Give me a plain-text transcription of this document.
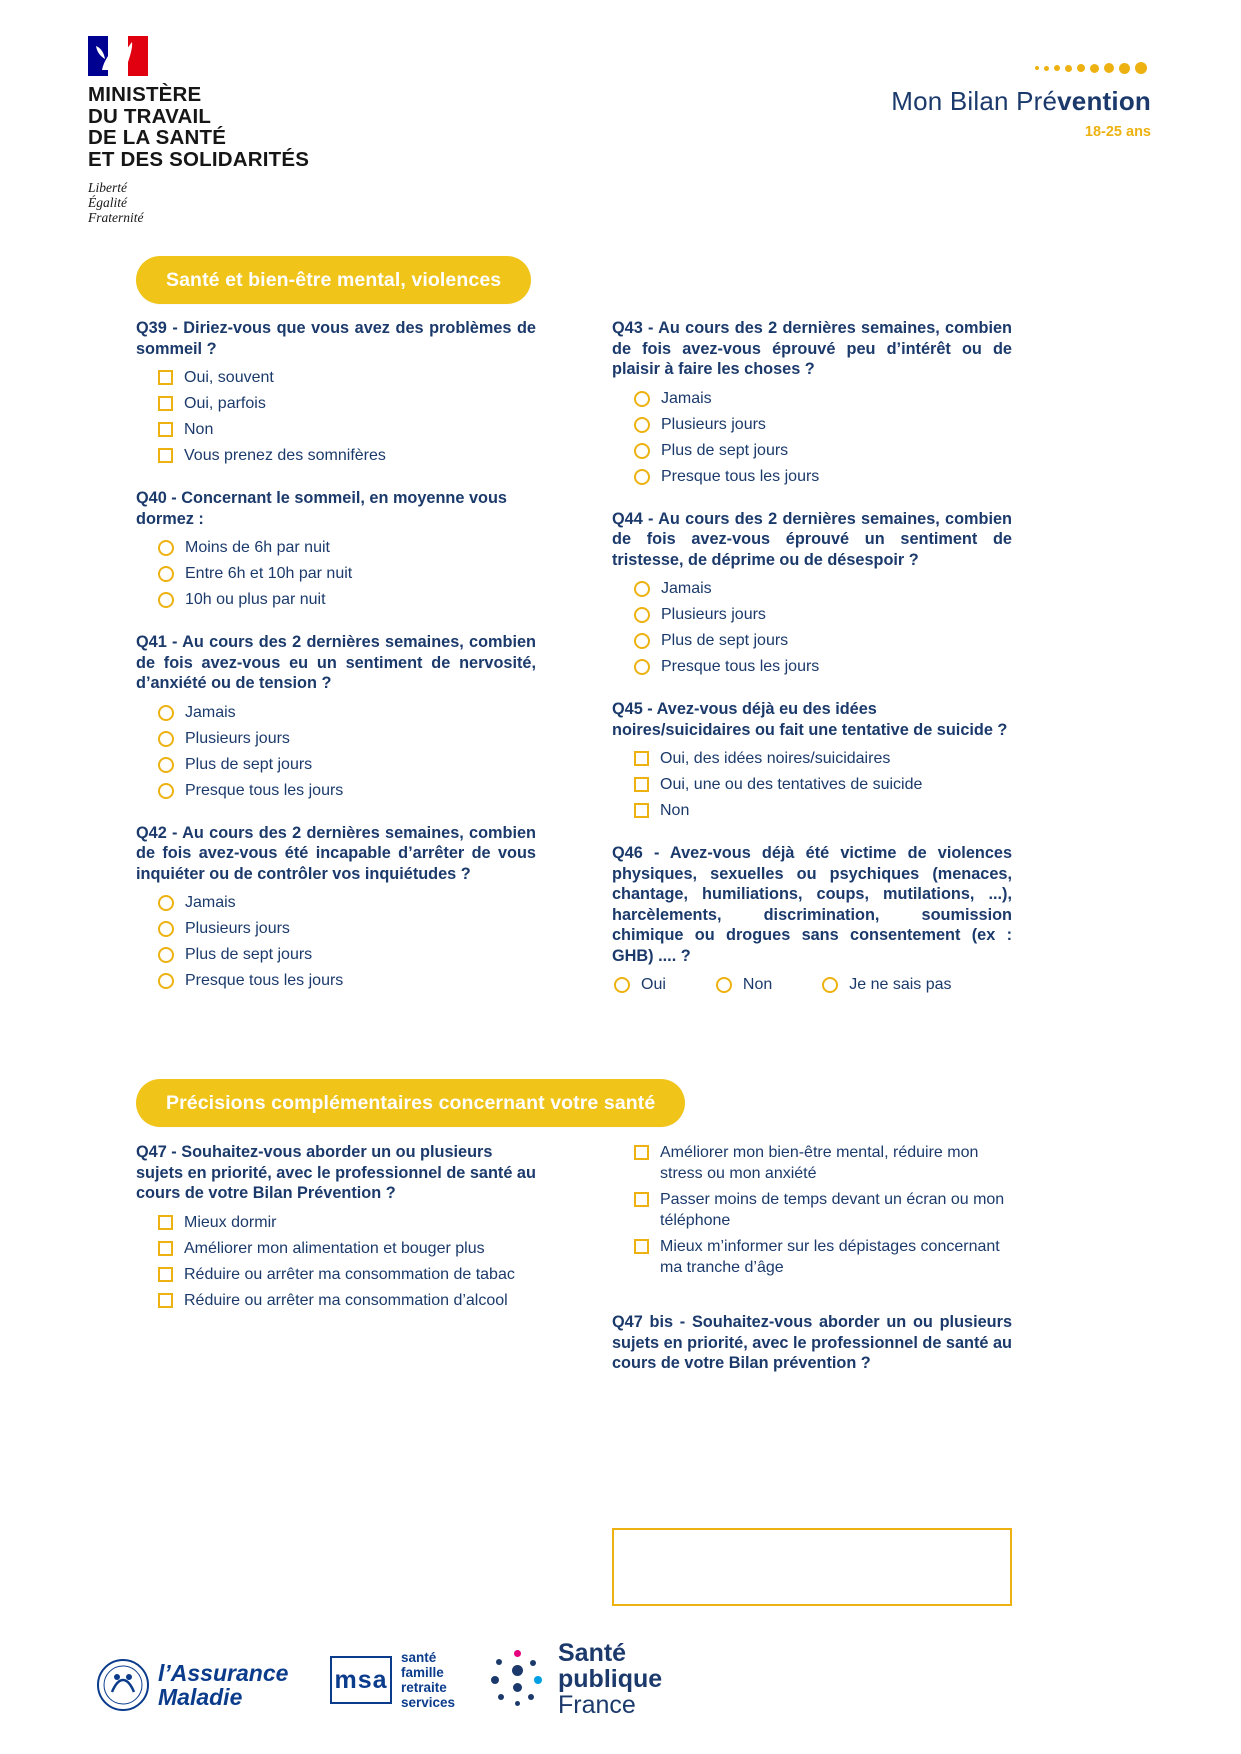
MINISTÈRE
DU TRAVAIL
DE LA SANTÉ
ET DES SOLIDARITÉS
Liberté
Égalité
Fraternité
Mon Bilan Prévention
18-25 ans
Santé et bien-être mental, violences

Q39 - Diriez-vous que vous avez des problèmes de sommeil ?

Oui, souvent
Oui, parfois
Non
Vous prenez des somnifères

Q40 - Concernant le sommeil, en moyenne vous dormez :

Moins de 6h par nuit
Entre 6h et 10h par nuit
10h ou plus par nuit

Q41 - Au cours des 2 dernières semaines, combien de fois avez-vous eu un sentiment de nervosité, d’anxiété ou de tension ?

Jamais
Plusieurs jours
Plus de sept jours
Presque tous les jours

Q42 - Au cours des 2 dernières semaines, combien de fois avez-vous été incapable d’arrêter de vous inquiéter ou de contrôler vos inquiétudes ?

Jamais
Plusieurs jours
Plus de sept jours
Presque tous les jours

Q43 - Au cours des 2 dernières semaines, combien de fois avez-vous éprouvé peu d’intérêt ou de plaisir à faire les choses ?

Jamais
Plusieurs jours
Plus de sept jours
Presque tous les jours

Q44 - Au cours des 2 dernières semaines, combien de fois avez-vous éprouvé un sentiment de tristesse, de déprime ou de désespoir ?

Jamais
Plusieurs jours
Plus de sept jours
Presque tous les jours

Q45 - Avez-vous déjà eu des idées noires/suicidaires ou fait une tentative de suicide ?

Oui, des idées noires/suicidaires
Oui, une ou des tentatives de suicide
Non

Q46 - Avez-vous déjà été victime de violences physiques, sexuelles ou psychiques (menaces, chantage, humiliations, coups, mutilations, ...), harcèlements, discrimination, soumission chimique ou drogues sans consentement (ex : GHB) .... ?

Oui	Non	Je ne sais pas
Précisions complémentaires concernant votre santé

Q47 - Souhaitez-vous aborder un ou plusieurs sujets en priorité, avec le professionnel de santé au cours de votre Bilan Prévention ?

Mieux dormir
Améliorer mon alimentation et bouger plus
Réduire ou arrêter ma consommation de tabac
Réduire ou arrêter ma consommation d’alcool
Améliorer mon bien-être mental, réduire mon stress ou mon anxiété
Passer moins de temps devant un écran ou mon téléphone
Mieux m’informer sur les dépistages concernant ma tranche d’âge

Q47 bis - Souhaitez-vous aborder un ou plusieurs sujets en priorité, avec le professionnel de santé au cours de votre Bilan prévention ?

l’Assurance
Maladie
msa
santé
famille
retraite
services
Santé
publique
France
